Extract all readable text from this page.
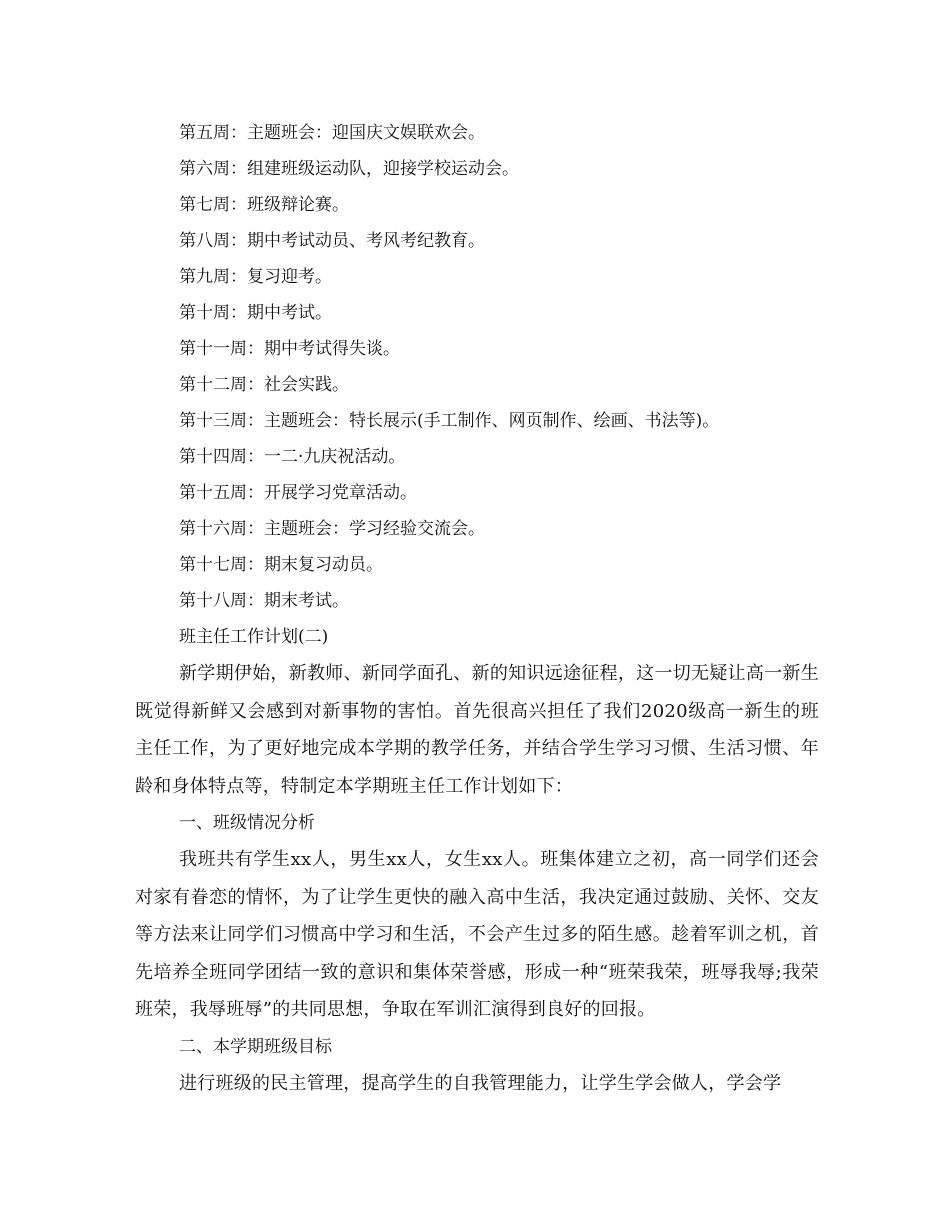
第五周：主题班会：迎国庆文娱联欢会。

第六周：组建班级运动队，迎接学校运动会。

第七周：班级辩论赛。

第八周：期中考试动员、考风考纪教育。

第九周：复习迎考。

第十周：期中考试。

第十一周：期中考试得失谈。

第十二周：社会实践。

第十三周：主题班会：特长展示(手工制作、网页制作、绘画、书法等)。

第十四周：一二·九庆祝活动。

第十五周：开展学习党章活动。

第十六周：主题班会：学习经验交流会。

第十七周：期末复习动员。

第十八周：期末考试。

班主任工作计划(二)

新学期伊始，新教师、新同学面孔、新的知识远途征程，这一切无疑让高一新生既觉得新鲜又会感到对新事物的害怕。首先很高兴担任了我们2020级高一新生的班主任工作，为了更好地完成本学期的教学任务，并结合学生学习习惯、生活习惯、年龄和身体特点等，特制定本学期班主任工作计划如下：

一、班级情况分析

我班共有学生xx人，男生xx人，女生xx人。班集体建立之初，高一同学们还会对家有眷恋的情怀，为了让学生更快的融入高中生活，我决定通过鼓励、关怀、交友等方法来让同学们习惯高中学习和生活，不会产生过多的陌生感。趁着军训之机，首先培养全班同学团结一致的意识和集体荣誉感，形成一种“班荣我荣，班辱我辱;我荣班荣，我辱班辱”的共同思想，争取在军训汇演得到良好的回报。

二、本学期班级目标

进行班级的民主管理，提高学生的自我管理能力，让学生学会做人，学会学
